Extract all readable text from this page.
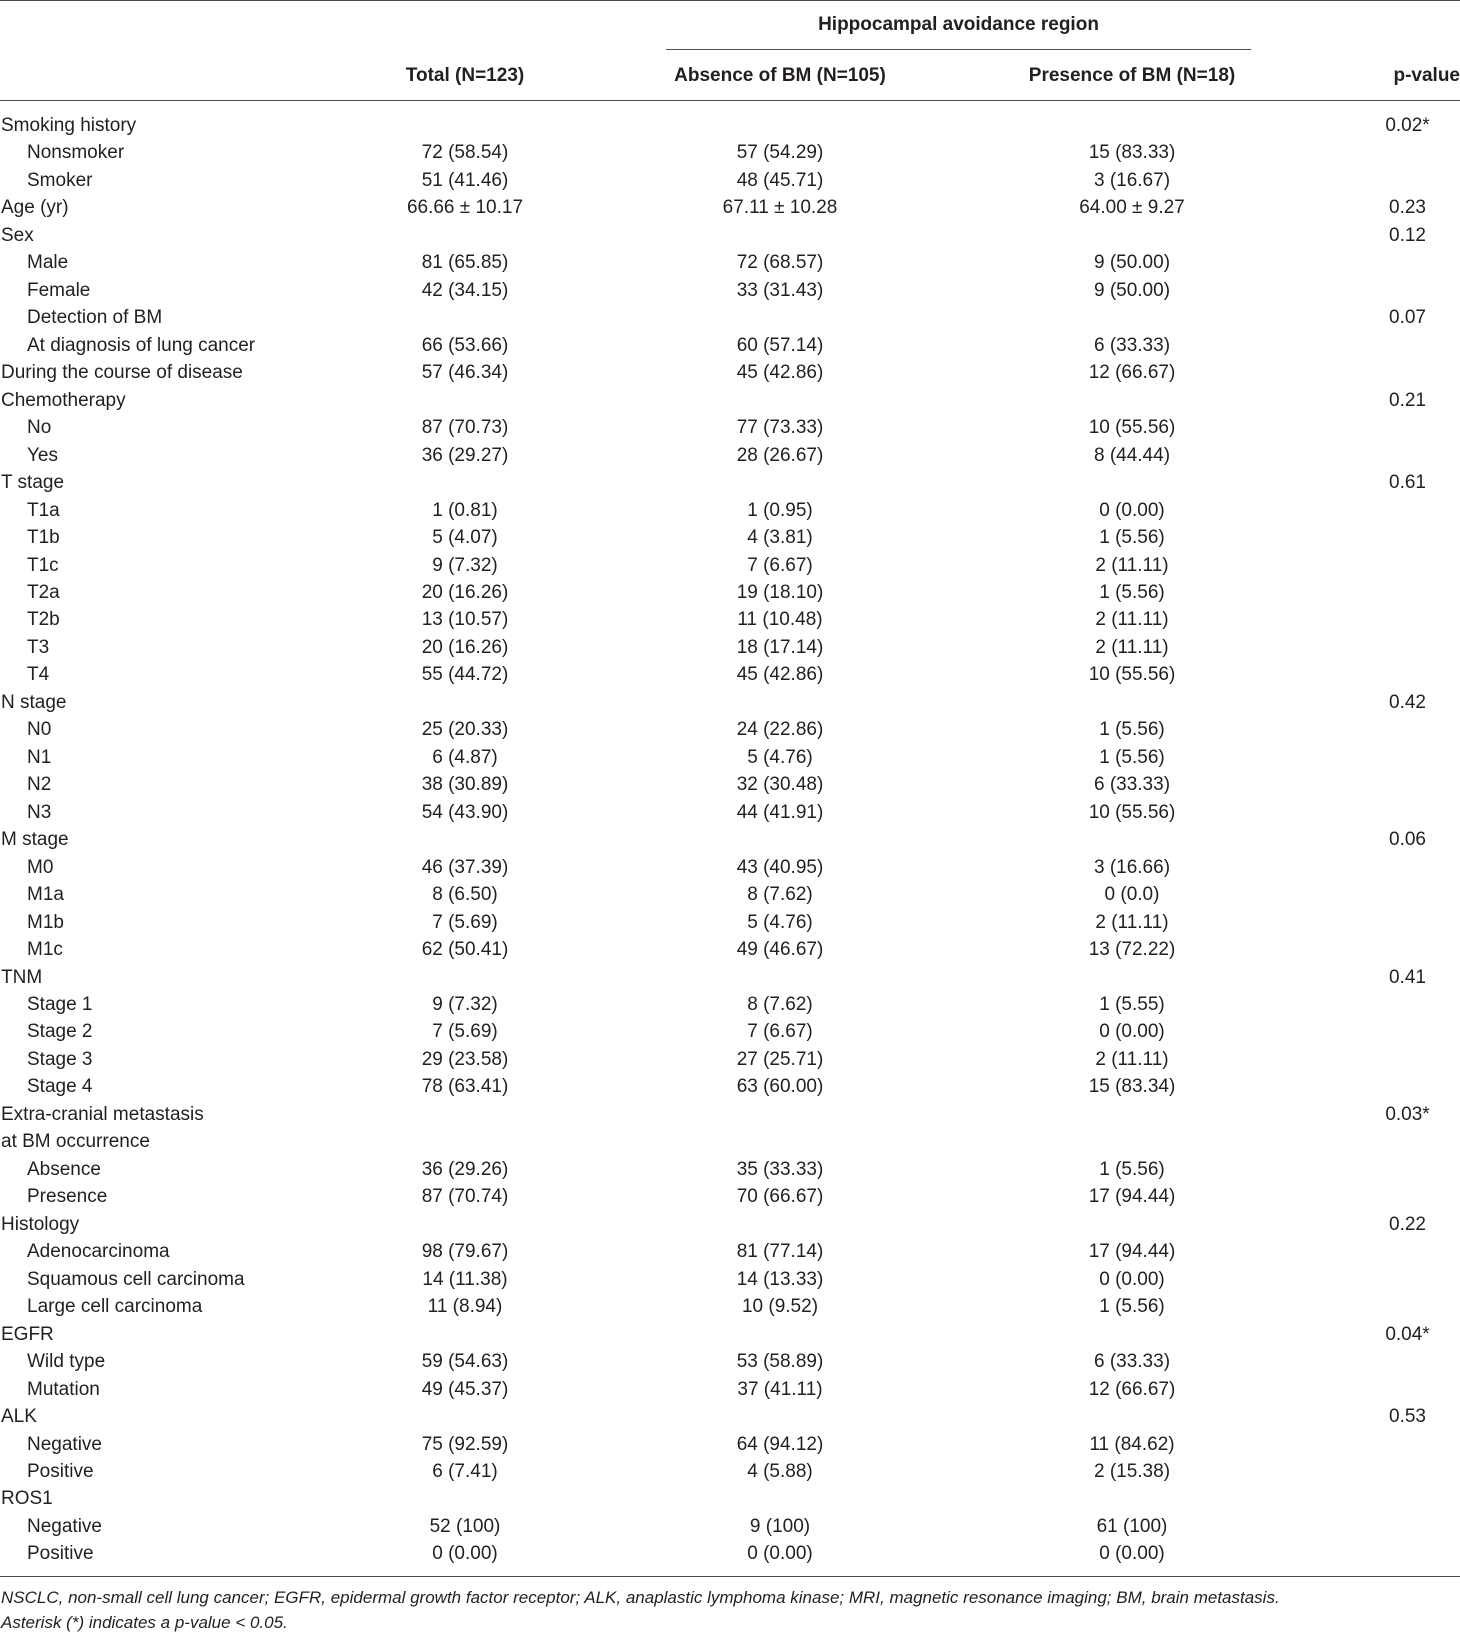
Hippocampal avoidance region
Total (N=123)	Absence of BM (N=105)	Presence of BM (N=18)	p-value
Smoking history	0.02*
Nonsmoker	72 (58.54)	57 (54.29)	15 (83.33)
Smoker	51 (41.46)	48 (45.71)	3 (16.67)
Age (yr)	66.66 ± 10.17	67.11 ± 10.28	64.00 ± 9.27	0.23
Sex	0.12
Male	81 (65.85)	72 (68.57)	9 (50.00)
Female	42 (34.15)	33 (31.43)	9 (50.00)
Detection of BM	0.07
At diagnosis of lung cancer	66 (53.66)	60 (57.14)	6 (33.33)
During the course of disease	57 (46.34)	45 (42.86)	12 (66.67)
Chemotherapy	0.21
No	87 (70.73)	77 (73.33)	10 (55.56)
Yes	36 (29.27)	28 (26.67)	8 (44.44)
T stage	0.61
T1a	1 (0.81)	1 (0.95)	0 (0.00)
T1b	5 (4.07)	4 (3.81)	1 (5.56)
T1c	9 (7.32)	7 (6.67)	2 (11.11)
T2a	20 (16.26)	19 (18.10)	1 (5.56)
T2b	13 (10.57)	11 (10.48)	2 (11.11)
T3	20 (16.26)	18 (17.14)	2 (11.11)
T4	55 (44.72)	45 (42.86)	10 (55.56)
N stage	0.42
N0	25 (20.33)	24 (22.86)	1 (5.56)
N1	6 (4.87)	5 (4.76)	1 (5.56)
N2	38 (30.89)	32 (30.48)	6 (33.33)
N3	54 (43.90)	44 (41.91)	10 (55.56)
M stage	0.06
M0	46 (37.39)	43 (40.95)	3 (16.66)
M1a	8 (6.50)	8 (7.62)	0 (0.0)
M1b	7 (5.69)	5 (4.76)	2 (11.11)
M1c	62 (50.41)	49 (46.67)	13 (72.22)
TNM	0.41
Stage 1	9 (7.32)	8 (7.62)	1 (5.55)
Stage 2	7 (5.69)	7 (6.67)	0 (0.00)
Stage 3	29 (23.58)	27 (25.71)	2 (11.11)
Stage 4	78 (63.41)	63 (60.00)	15 (83.34)
Extra-cranial metastasis	0.03*
at BM occurrence
Absence	36 (29.26)	35 (33.33)	1 (5.56)
Presence	87 (70.74)	70 (66.67)	17 (94.44)
Histology	0.22
Adenocarcinoma	98 (79.67)	81 (77.14)	17 (94.44)
Squamous cell carcinoma	14 (11.38)	14 (13.33)	0 (0.00)
Large cell carcinoma	11 (8.94)	10 (9.52)	1 (5.56)
EGFR	0.04*
Wild type	59 (54.63)	53 (58.89)	6 (33.33)
Mutation	49 (45.37)	37 (41.11)	12 (66.67)
ALK	0.53
Negative	75 (92.59)	64 (94.12)	11 (84.62)
Positive	6 (7.41)	4 (5.88)	2 (15.38)
ROS1
Negative	52 (100)	9 (100)	61 (100)
Positive	0 (0.00)	0 (0.00)	0 (0.00)
NSCLC, non-small cell lung cancer; EGFR, epidermal growth factor receptor; ALK, anaplastic lymphoma kinase; MRI, magnetic resonance imaging; BM, brain metastasis.
Asterisk (*) indicates a p-value < 0.05.
